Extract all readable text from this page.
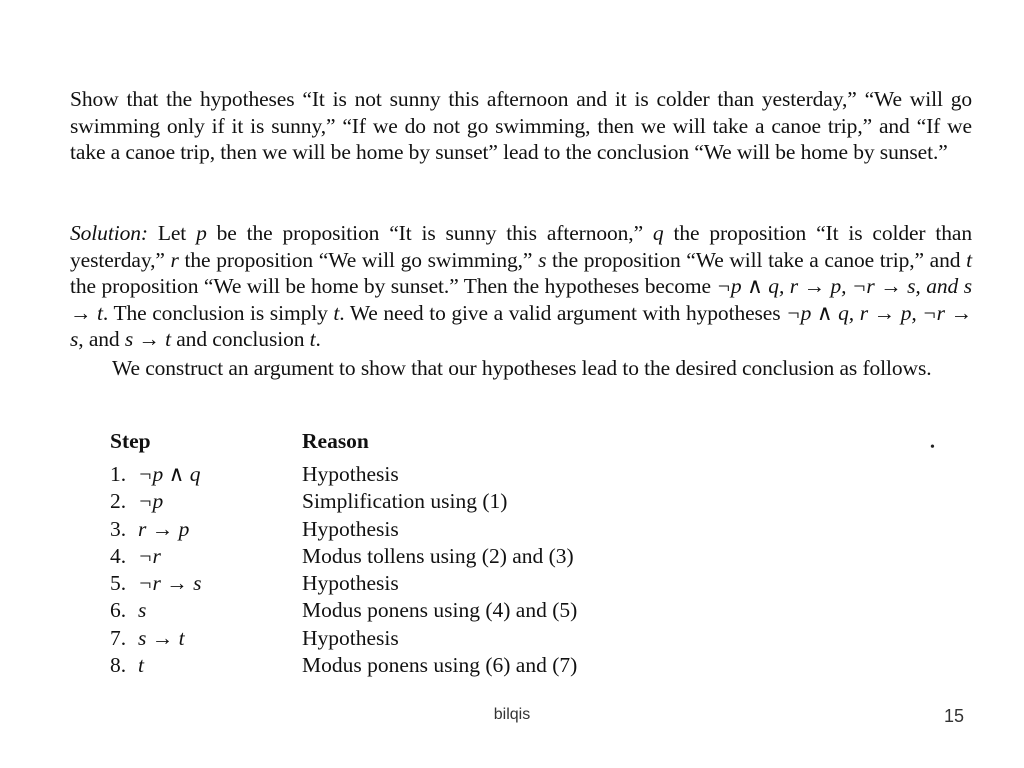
Show that the hypotheses “It is not sunny this afternoon and it is colder than yesterday,” “We will go swimming only if it is sunny,” “If we do not go swimming, then we will take a canoe trip,” and “If we take a canoe trip, then we will be home by sunset” lead to the conclusion “We will be home by sunset.”
Solution: Let p be the proposition “It is sunny this afternoon,” q the proposition “It is colder than yesterday,” r the proposition “We will go swimming,” s the proposition “We will take a canoe trip,” and t the proposition “We will be home by sunset.” Then the hypotheses become ¬p ∧ q, r → p, ¬r → s, and s → t. The conclusion is simply t. We need to give a valid argument with hypotheses ¬p ∧ q, r → p, ¬r → s, and s → t and conclusion t.
We construct an argument to show that our hypotheses lead to the desired conclusion as follows.
Step	Reason
1. ¬p ∧ q	Hypothesis
2. ¬p	Simplification using (1)
3. r → p	Hypothesis
4. ¬r	Modus tollens using (2) and (3)
5. ¬r → s	Hypothesis
6. s	Modus ponens using (4) and (5)
7. s → t	Hypothesis
8. t	Modus ponens using (6) and (7)
•
bilqis	15
